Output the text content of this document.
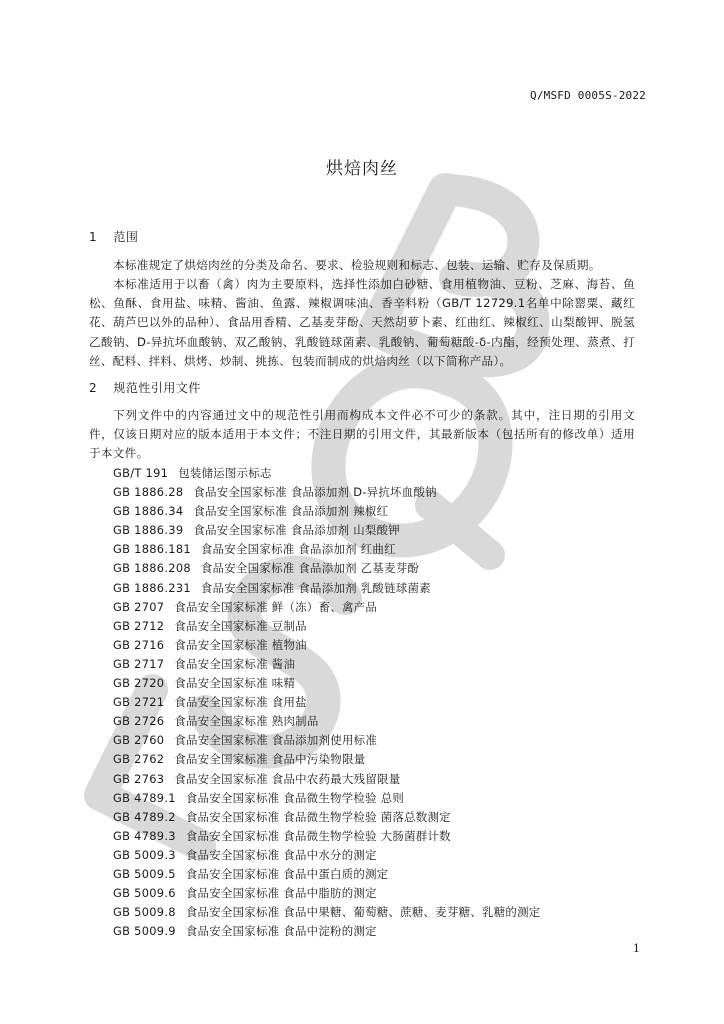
Q/MSFD 0005S-2022
烘焙肉丝
1 范围
本标准规定了烘焙肉丝的分类及命名、要求、检验规则和标志、包装、运输、贮存及保质期。
本标准适用于以畜（禽）肉为主要原料，选择性添加白砂糖、食用植物油、豆粉、芝麻、海苔、鱼松、鱼酥、食用盐、味精、酱油、鱼露、辣椒调味油、香辛料粉（GB/T 12729.1名单中除罂粟、藏红花、葫芦巴以外的品种）、食品用香精、乙基麦芽酚、天然胡萝卜素、红曲红、辣椒红、山梨酸钾、脱氢乙酸钠、D-异抗坏血酸钠、双乙酸钠、乳酸链球菌素、乳酸钠、葡萄糖酸-δ-内酯，经预处理、蒸煮、打丝、配料、拌料、烘烤、炒制、挑拣、包装而制成的烘焙肉丝（以下简称产品）。
2 规范性引用文件
下列文件中的内容通过文中的规范性引用而构成本文件必不可少的条款。其中，注日期的引用文件，仅该日期对应的版本适用于本文件；不注日期的引用文件，其最新版本（包括所有的修改单）适用于本文件。
GB/T 191 包装储运图示标志
GB 1886.28 食品安全国家标准 食品添加剂 D-异抗坏血酸钠
GB 1886.34 食品安全国家标准 食品添加剂 辣椒红
GB 1886.39 食品安全国家标准 食品添加剂 山梨酸钾
GB 1886.181 食品安全国家标准 食品添加剂 红曲红
GB 1886.208 食品安全国家标准 食品添加剂 乙基麦芽酚
GB 1886.231 食品安全国家标准 食品添加剂 乳酸链球菌素
GB 2707 食品安全国家标准 鲜（冻）畜、禽产品
GB 2712 食品安全国家标准 豆制品
GB 2716 食品安全国家标准 植物油
GB 2717 食品安全国家标准 酱油
GB 2720 食品安全国家标准 味精
GB 2721 食品安全国家标准 食用盐
GB 2726 食品安全国家标准 熟肉制品
GB 2760 食品安全国家标准 食品添加剂使用标准
GB 2762 食品安全国家标准 食品中污染物限量
GB 2763 食品安全国家标准 食品中农药最大残留限量
GB 4789.1 食品安全国家标准 食品微生物学检验 总则
GB 4789.2 食品安全国家标准 食品微生物学检验 菌落总数测定
GB 4789.3 食品安全国家标准 食品微生物学检验 大肠菌群计数
GB 5009.3 食品安全国家标准 食品中水分的测定
GB 5009.5 食品安全国家标准 食品中蛋白质的测定
GB 5009.6 食品安全国家标准 食品中脂肪的测定
GB 5009.8 食品安全国家标准 食品中果糖、葡萄糖、蔗糖、麦芽糖、乳糖的测定
GB 5009.9 食品安全国家标准 食品中淀粉的测定
1
